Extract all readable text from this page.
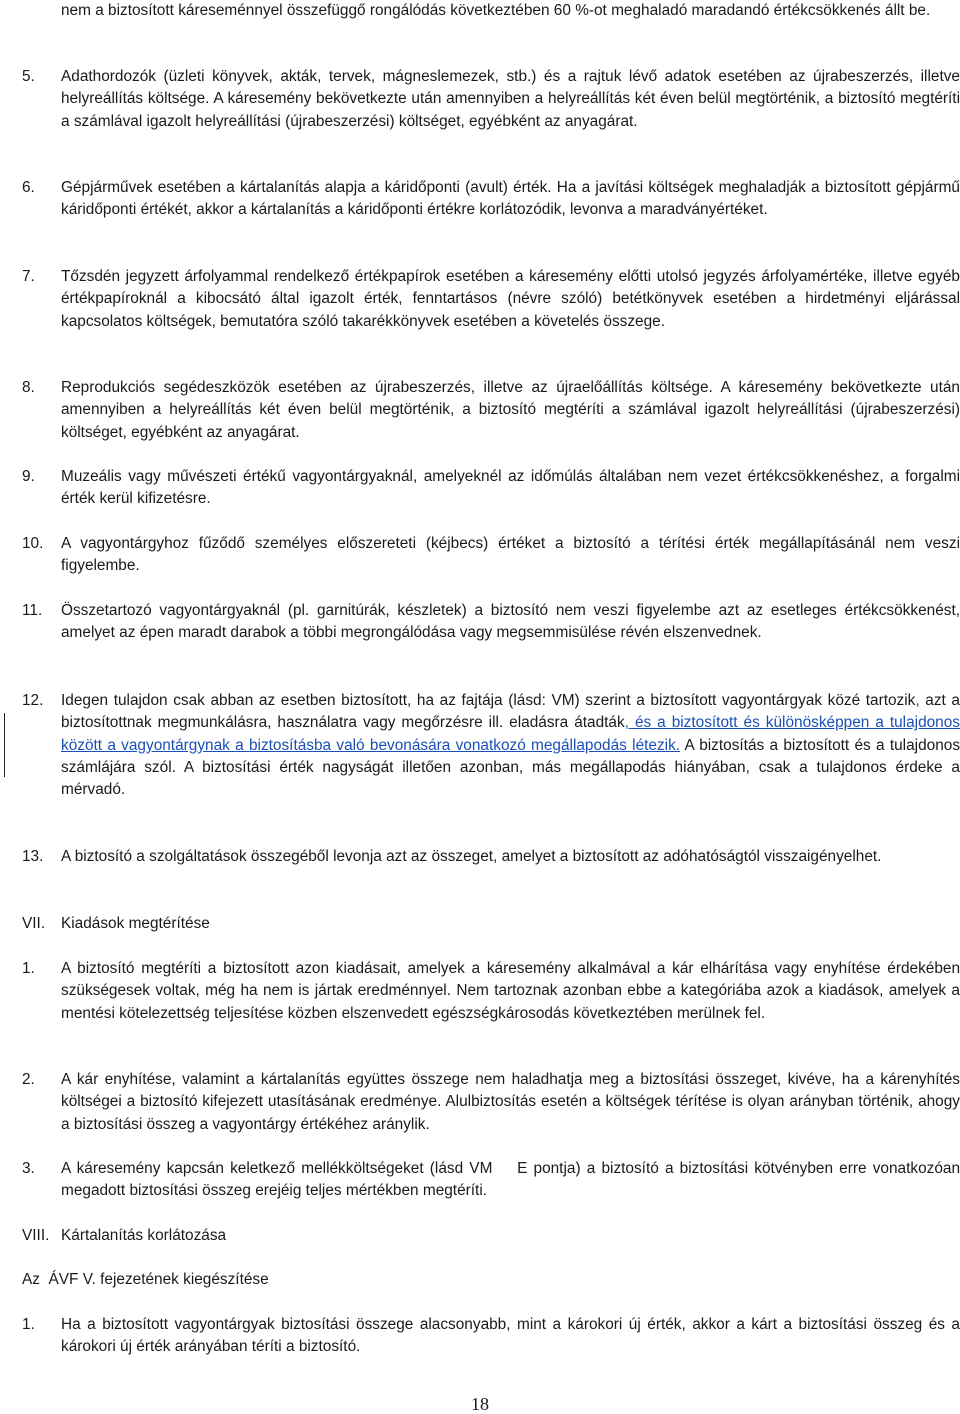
nem a biztosított káreseménnyel összefüggő rongálódás következtében 60 %-ot meghaladó maradandó értékcsökkenés állt be.
5. Adathordozók (üzleti könyvek, akták, tervek, mágneslemezek, stb.) és a rajtuk lévő adatok esetében az újrabeszerzés, illetve helyreállítás költsége. A káresemény bekövetkezte után amennyiben a helyreállítás két éven belül megtörténik, a biztosító megtéríti a számlával igazolt helyreállítási (újrabeszerzési) költséget, egyébként az anyagárat.
6. Gépjárművek esetében a kártalanítás alapja a káridőponti (avult) érték. Ha a javítási költségek meghaladják a biztosított gépjármű káridőponti értékét, akkor a kártalanítás a káridőponti értékre korlátozódik, levonva a maradványértéket.
7. Tőzsdén jegyzett árfolyammal rendelkező értékpapírok esetében a káresemény előtti utolsó jegyzés árfolyamértéke, illetve egyéb értékpapíroknál a kibocsátó által igazolt érték, fenntartásos (névre szóló) betétkönyvek esetében a hirdetményi eljárással kapcsolatos költségek, bemutatóra szóló takarékkönyvek esetében a követelés összege.
8. Reprodukciós segédeszközök esetében az újrabeszerzés, illetve az újraelőállítás költsége. A káresemény bekövetkezte után amennyiben a helyreállítás két éven belül megtörténik, a biztosító megtéríti a számlával igazolt helyreállítási (újrabeszerzési) költséget, egyébként az anyagárat.
9. Muzeális vagy művészeti értékű vagyontárgyaknál, amelyeknél az időmúlás általában nem vezet értékcsökkenéshez, a forgalmi érték kerül kifizetésre.
10. A vagyontárgyhoz fűződő személyes előszereteti (kéjbecs) értéket a biztosító a térítési érték megállapításánál nem veszi figyelembe.
11. Összetartozó vagyontárgyaknál (pl. garnitúrák, készletek) a biztosító nem veszi figyelembe azt az esetleges értékcsökkenést, amelyet az épen maradt darabok a többi megrongálódása vagy megsemmisülése révén elszenvednek.
12. Idegen tulajdon csak abban az esetben biztosított, ha az fajtája (lásd: VM) szerint a biztosított vagyontárgyak közé tartozik, azt a biztosítottnak megmunkálásra, használatra vagy megőrzésre ill. eladásra átadták, és a biztosított és különösképpen a tulajdonos között a vagyontárgynak a biztosításba való bevonására vonatkozó megállapodás létezik. A biztosítás a biztosított és a tulajdonos számlájára szól. A biztosítási érték nagyságát illetően azonban, más megállapodás hiányában, csak a tulajdonos érdeke a mérvadó.
13. A biztosító a szolgáltatások összegéből levonja azt az összeget, amelyet a biztosított az adóhatóságtól visszaigényelhet.
VII. Kiadások megtérítése
1. A biztosító megtéríti a biztosított azon kiadásait, amelyek a káresemény alkalmával a kár elhárítása vagy enyhítése érdekében szükségesek voltak, még ha nem is jártak eredménnyel. Nem tartoznak azonban ebbe a kategóriába azok a kiadások, amelyek a mentési kötelezettség teljesítése közben elszenvedett egészségkárosodás következtében merülnek fel.
2. A kár enyhítése, valamint a kártalanítás együttes összege nem haladhatja meg a biztosítási összeget, kivéve, ha a kárenyhítés költségei a biztosító kifejezett utasításának eredménye. Alulbiztosítás esetén a költségek térítése is olyan arányban történik, ahogy a biztosítási összeg a vagyontárgy értékéhez aránylik.
3. A káresemény kapcsán keletkező mellékköltségeket (lásd VM    E pontja) a biztosító a biztosítási kötvényben erre vonatkozóan megadott biztosítási összeg erejéig teljes mértékben megtéríti.
VIII. Kártalanítás korlátozása
Az  ÁVF V. fejezetének kiegészítése
1. Ha a biztosított vagyontárgyak biztosítási összege alacsonyabb, mint a károkori új érték, akkor a kárt a biztosítási összeg és a károkori új érték arányában téríti a biztosító.
18
